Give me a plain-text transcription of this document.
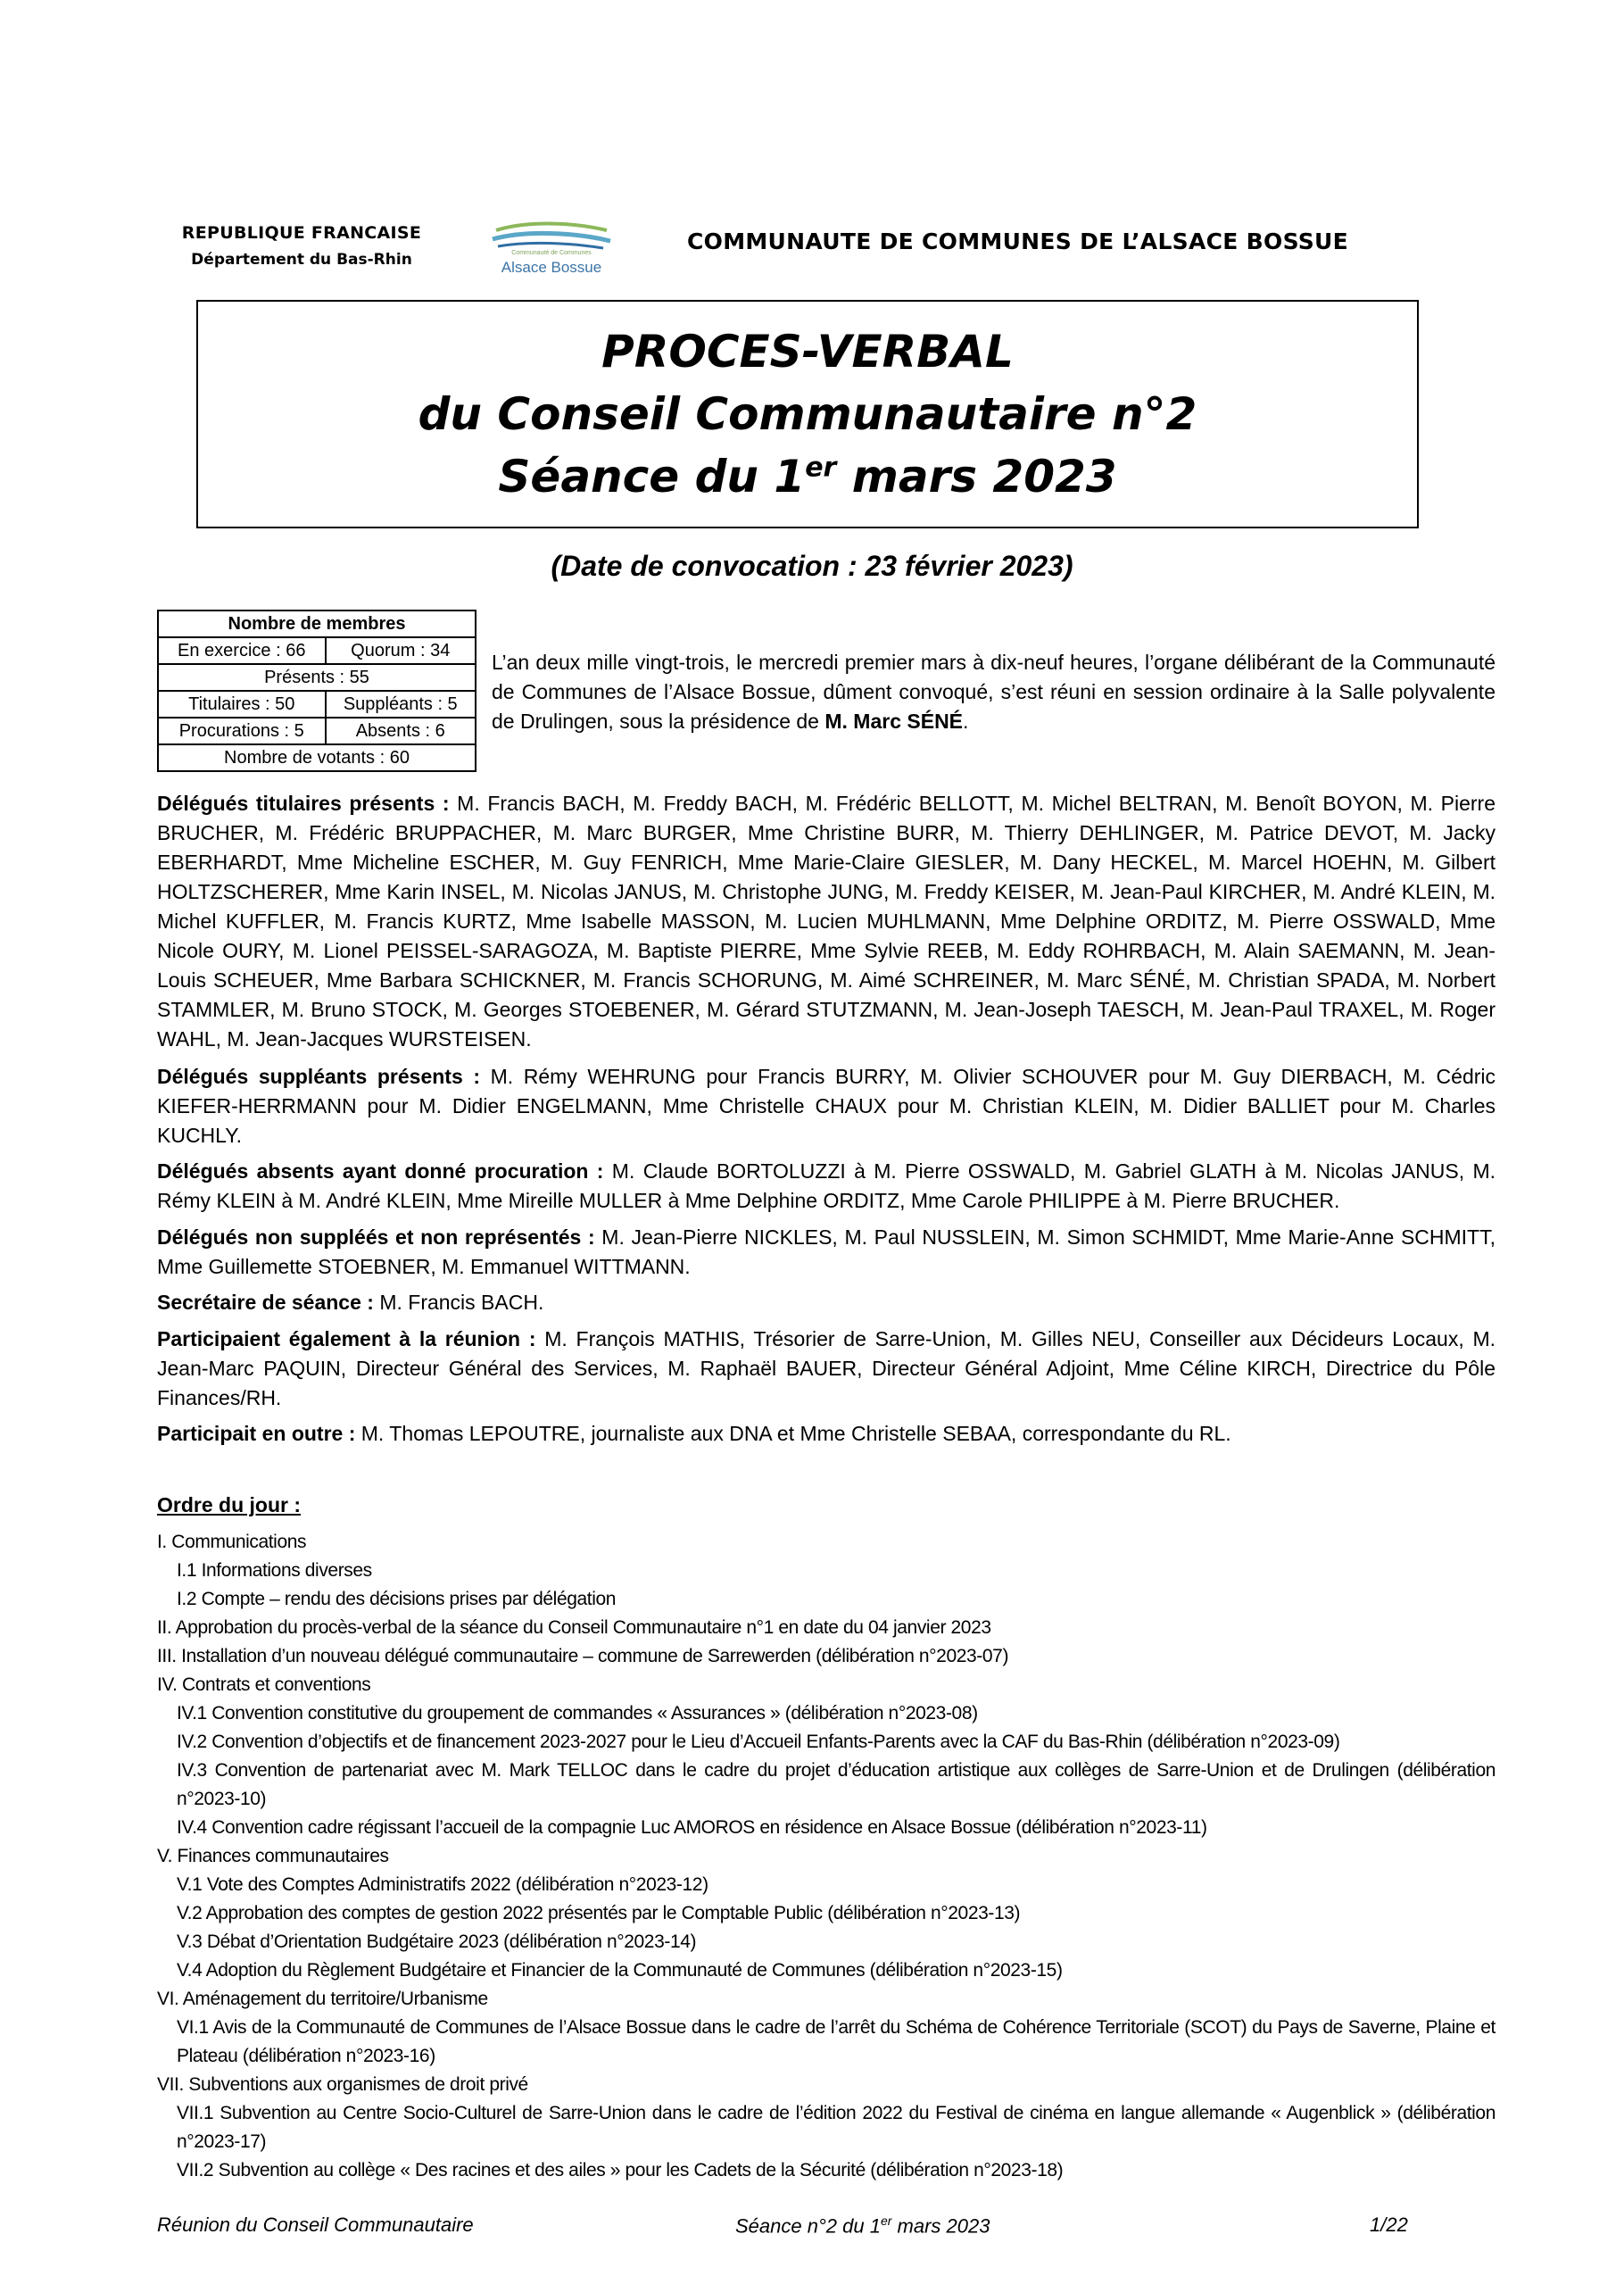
REPUBLIQUE FRANCAISE
Département du Bas-Rhin	Communauté de Communes
Alsace Bossue
COMMUNAUTE DE COMMUNES DE L’ALSACE BOSSUE
PROCES-VERBAL
du Conseil Communautaire n°2
Séance du 1er mars 2023
(Date de convocation : 23 février 2023)
Nombre de membres	
En exercice : 66	Quorum : 34
Présents : 55	
Titulaires : 50	Suppléants : 5
Procurations : 5	Absents : 6
Nombre de votants : 60	
L’an deux mille vingt-trois, le mercredi premier mars à dix-neuf heures, l’organe délibérant de la Communauté de Communes de l’Alsace Bossue, dûment convoqué, s’est réuni en session ordinaire à la Salle polyvalente de Drulingen, sous la présidence de M. Marc SÉNÉ.
Délégués titulaires présents : M. Francis BACH, M. Freddy BACH, M. Frédéric BELLOTT, M. Michel BELTRAN, M. Benoît BOYON, M. Pierre BRUCHER, M. Frédéric BRUPPACHER, M. Marc BURGER, Mme Christine BURR, M. Thierry DEHLINGER, M. Patrice DEVOT, M. Jacky EBERHARDT, Mme Micheline ESCHER, M. Guy FENRICH, Mme Marie-Claire GIESLER, M. Dany HECKEL, M. Marcel HOEHN, M. Gilbert HOLTZSCHERER, Mme Karin INSEL, M. Nicolas JANUS, M. Christophe JUNG, M. Freddy KEISER, M. Jean-Paul KIRCHER, M. André KLEIN, M. Michel KUFFLER, M. Francis KURTZ, Mme Isabelle MASSON, M. Lucien MUHLMANN, Mme Delphine ORDITZ, M. Pierre OSSWALD, Mme Nicole OURY, M. Lionel PEISSEL-SARAGOZA, M. Baptiste PIERRE, Mme Sylvie REEB, M. Eddy ROHRBACH, M. Alain SAEMANN, M. Jean-Louis SCHEUER, Mme Barbara SCHICKNER, M. Francis SCHORUNG, M. Aimé SCHREINER, M. Marc SÉNÉ, M. Christian SPADA, M. Norbert STAMMLER, M. Bruno STOCK, M. Georges STOEBENER, M. Gérard STUTZMANN, M. Jean-Joseph TAESCH, M. Jean-Paul TRAXEL, M. Roger WAHL, M. Jean-Jacques WURSTEISEN.
Délégués suppléants présents : M. Rémy WEHRUNG pour Francis BURRY, M. Olivier SCHOUVER pour M. Guy DIERBACH, M. Cédric KIEFER-HERRMANN pour M. Didier ENGELMANN, Mme Christelle CHAUX pour M. Christian KLEIN, M. Didier BALLIET pour M. Charles KUCHLY.
Délégués absents ayant donné procuration : M. Claude BORTOLUZZI à M. Pierre OSSWALD, M. Gabriel GLATH à M. Nicolas JANUS, M. Rémy KLEIN à M. André KLEIN, Mme Mireille MULLER à Mme Delphine ORDITZ, Mme Carole PHILIPPE à M. Pierre BRUCHER.
Délégués non suppléés et non représentés : M. Jean-Pierre NICKLES, M. Paul NUSSLEIN, M. Simon SCHMIDT, Mme Marie-Anne SCHMITT, Mme Guillemette STOEBNER, M. Emmanuel WITTMANN.
Secrétaire de séance : M. Francis BACH.
Participaient également à la réunion : M. François MATHIS, Trésorier de Sarre-Union, M. Gilles NEU, Conseiller aux Décideurs Locaux, M. Jean-Marc PAQUIN, Directeur Général des Services, M. Raphaël BAUER, Directeur Général Adjoint, Mme Céline KIRCH, Directrice du Pôle Finances/RH.
Participait en outre : M. Thomas LEPOUTRE, journaliste aux DNA et Mme Christelle SEBAA, correspondante du RL.
Ordre du jour :
I. Communications
I.1 Informations diverses
I.2 Compte – rendu des décisions prises par délégation
II. Approbation du procès-verbal de la séance du Conseil Communautaire n°1 en date du 04 janvier 2023
III. Installation d’un nouveau délégué communautaire – commune de Sarrewerden (délibération n°2023-07)
IV. Contrats et conventions
IV.1 Convention constitutive du groupement de commandes « Assurances » (délibération n°2023-08)
IV.2 Convention d’objectifs et de financement 2023-2027 pour le Lieu d’Accueil Enfants-Parents avec la CAF du Bas-Rhin (délibération n°2023-09)
IV.3 Convention de partenariat avec M. Mark TELLOC dans le cadre du projet d’éducation artistique aux collèges de Sarre-Union et de Drulingen (délibération n°2023-10)
IV.4 Convention cadre régissant l’accueil de la compagnie Luc AMOROS en résidence en Alsace Bossue (délibération n°2023-11)
V. Finances communautaires
V.1 Vote des Comptes Administratifs 2022 (délibération n°2023-12)
V.2 Approbation des comptes de gestion 2022 présentés par le Comptable Public (délibération n°2023-13)
V.3 Débat d’Orientation Budgétaire 2023 (délibération n°2023-14)
V.4 Adoption du Règlement Budgétaire et Financier de la Communauté de Communes (délibération n°2023-15)
VI. Aménagement du territoire/Urbanisme
VI.1 Avis de la Communauté de Communes de l’Alsace Bossue dans le cadre de l’arrêt du Schéma de Cohérence Territoriale (SCOT) du Pays de Saverne, Plaine et Plateau (délibération n°2023-16)
VII. Subventions aux organismes de droit privé
VII.1 Subvention au Centre Socio-Culturel de Sarre-Union dans le cadre de l’édition 2022 du Festival de cinéma en langue allemande « Augenblick » (délibération n°2023-17)
VII.2 Subvention au collège « Des racines et des ailes » pour les Cadets de la Sécurité (délibération n°2023-18)
Réunion du Conseil Communautaire	Séance n°2 du 1er mars 2023	1/22
